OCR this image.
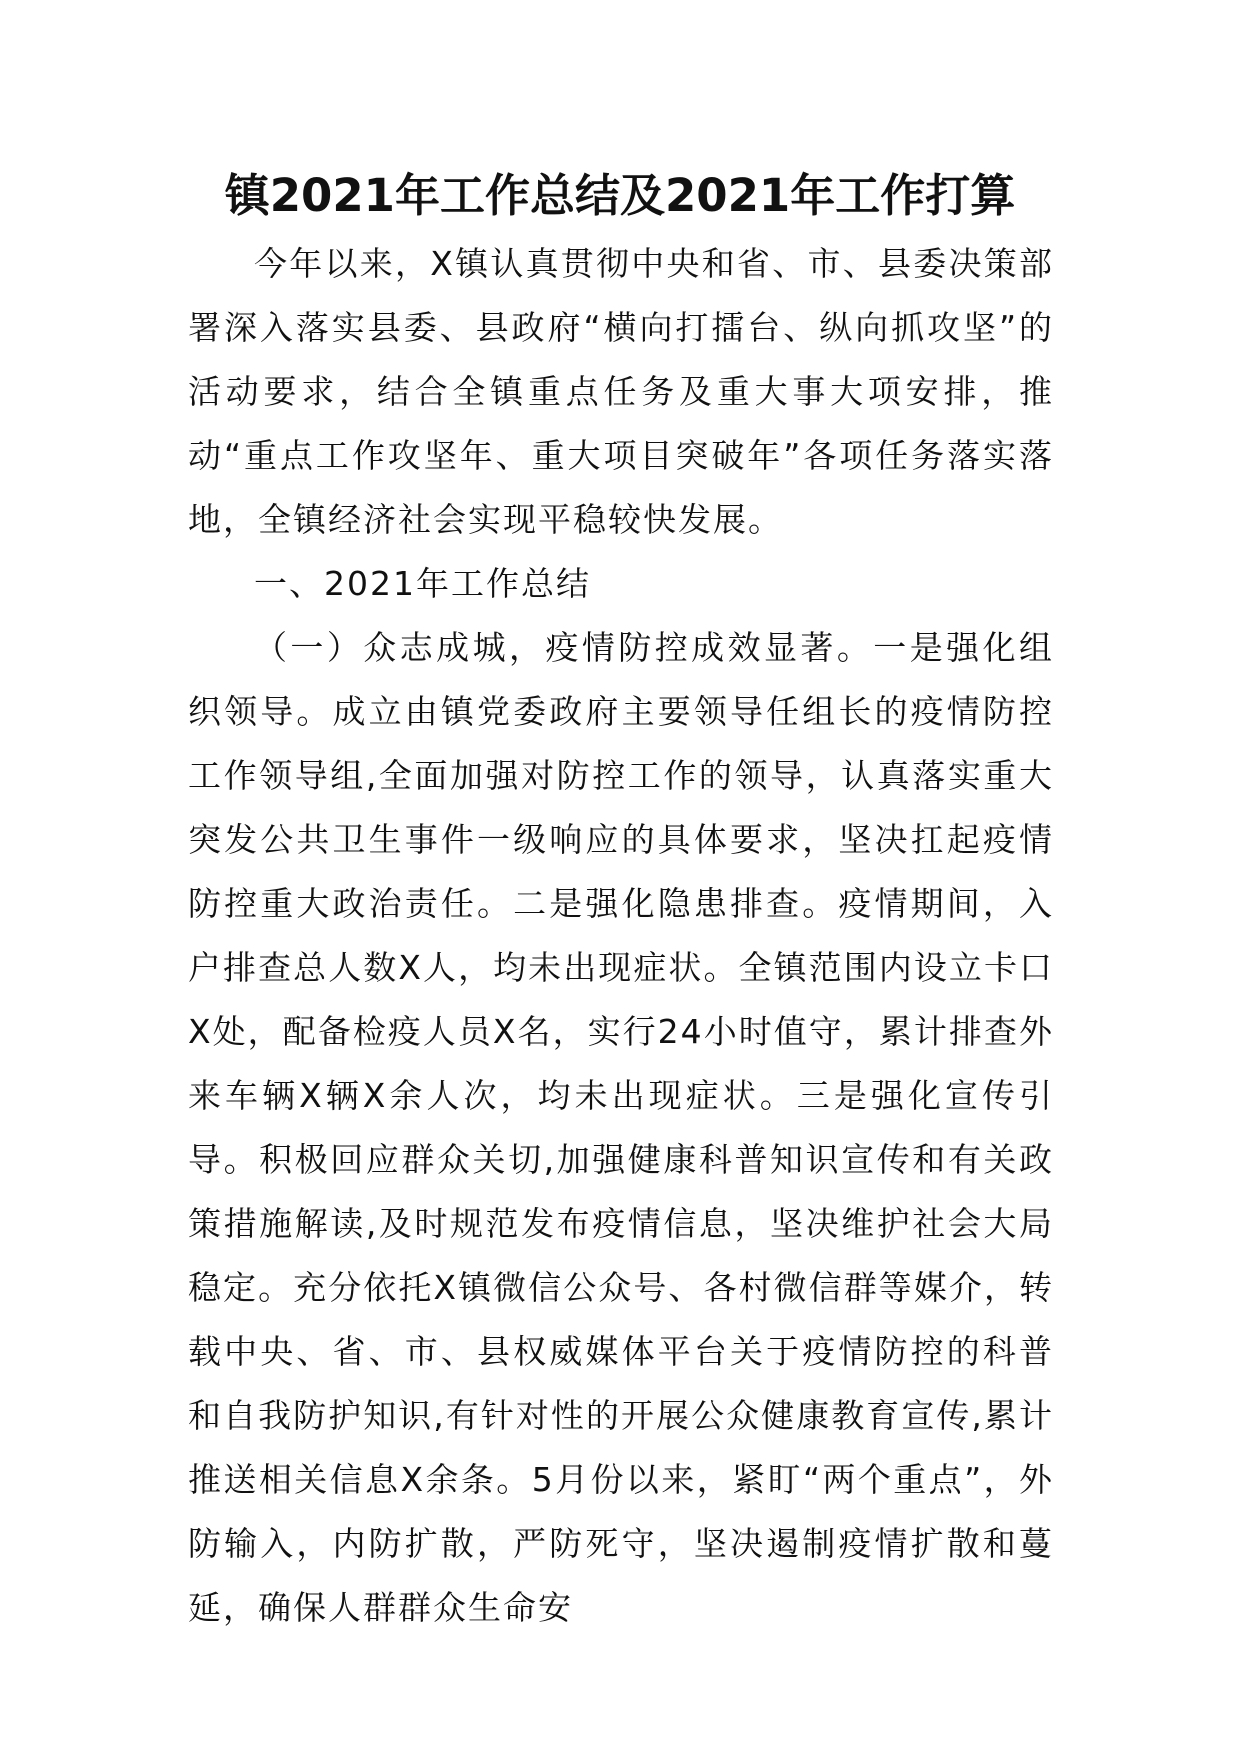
镇2021年工作总结及2021年工作打算

今年以来，X镇认真贯彻中央和省、市、县委决策部署深入落实县委、县政府“横向打擂台、纵向抓攻坚”的活动要求，结合全镇重点任务及重大事大项安排，推动“重点工作攻坚年、重大项目突破年”各项任务落实落地，全镇经济社会实现平稳较快发展。

一、2021年工作总结

（一）众志成城，疫情防控成效显著。一是强化组织领导。成立由镇党委政府主要领导任组长的疫情防控工作领导组,全面加强对防控工作的领导，认真落实重大突发公共卫生事件一级响应的具体要求，坚决扛起疫情防控重大政治责任。二是强化隐患排查。疫情期间，入户排查总人数X人，均未出现症状。全镇范围内设立卡口X处，配备检疫人员X名，实行24小时值守，累计排查外来车辆X辆X余人次，均未出现症状。三是强化宣传引导。积极回应群众关切,加强健康科普知识宣传和有关政策措施解读,及时规范发布疫情信息，坚决维护社会大局稳定。充分依托X镇微信公众号、各村微信群等媒介，转载中央、省、市、县权威媒体平台关于疫情防控的科普和自我防护知识,有针对性的开展公众健康教育宣传,累计推送相关信息X余条。5月份以来，紧盯“两个重点”，外防输入，内防扩散，严防死守，坚决遏制疫情扩散和蔓延，确保人群群众生命安
